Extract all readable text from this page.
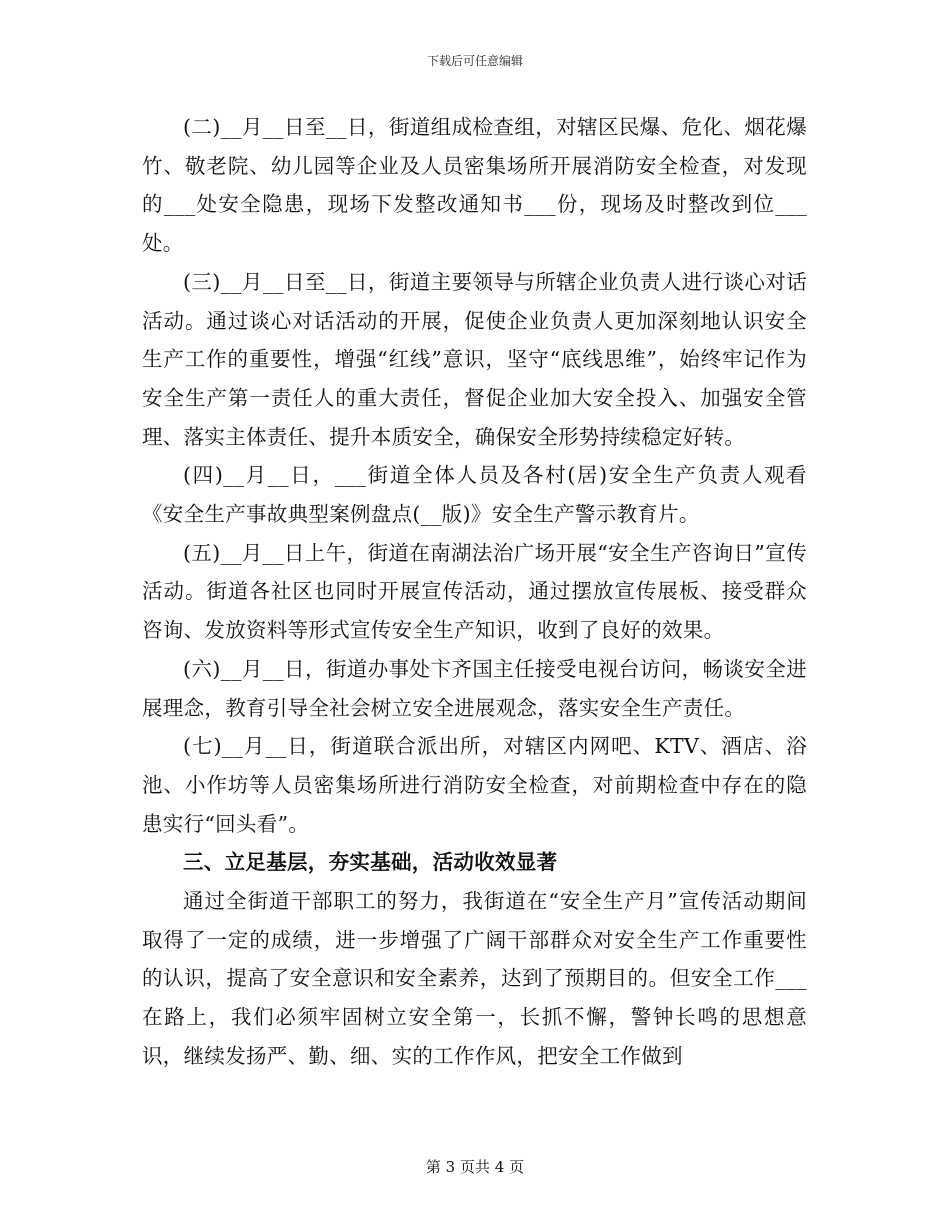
下载后可任意编辑

(二)__月__日至__日，街道组成检查组，对辖区民爆、危化、烟花爆竹、敬老院、幼儿园等企业及人员密集场所开展消防安全检查，对发现的___处安全隐患，现场下发整改通知书___份，现场及时整改到位___处。

(三)__月__日至__日，街道主要领导与所辖企业负责人进行谈心对话活动。通过谈心对话活动的开展，促使企业负责人更加深刻地认识安全生产工作的重要性，增强“红线”意识，坚守“底线思维”，始终牢记作为安全生产第一责任人的重大责任，督促企业加大安全投入、加强安全管理、落实主体责任、提升本质安全，确保安全形势持续稳定好转。

(四)__月__日，___街道全体人员及各村(居)安全生产负责人观看《安全生产事故典型案例盘点(__版)》安全生产警示教育片。

(五)__月__日上午，街道在南湖法治广场开展“安全生产咨询日”宣传活动。街道各社区也同时开展宣传活动，通过摆放宣传展板、接受群众咨询、发放资料等形式宣传安全生产知识，收到了良好的效果。

(六)__月__日，街道办事处卞齐国主任接受电视台访问，畅谈安全进展理念，教育引导全社会树立安全进展观念，落实安全生产责任。

(七)__月__日，街道联合派出所，对辖区内网吧、KTV、酒店、浴池、小作坊等人员密集场所进行消防安全检查，对前期检查中存在的隐患实行“回头看”。

三、立足基层，夯实基础，活动收效显著

通过全街道干部职工的努力，我街道在“安全生产月”宣传活动期间取得了一定的成绩，进一步增强了广阔干部群众对安全生产工作重要性的认识，提高了安全意识和安全素养，达到了预期目的。但安全工作___在路上，我们必须牢固树立安全第一，长抓不懈，警钟长鸣的思想意识，继续发扬严、勤、细、实的工作作风，把安全工作做到

第 3 页共 4 页
